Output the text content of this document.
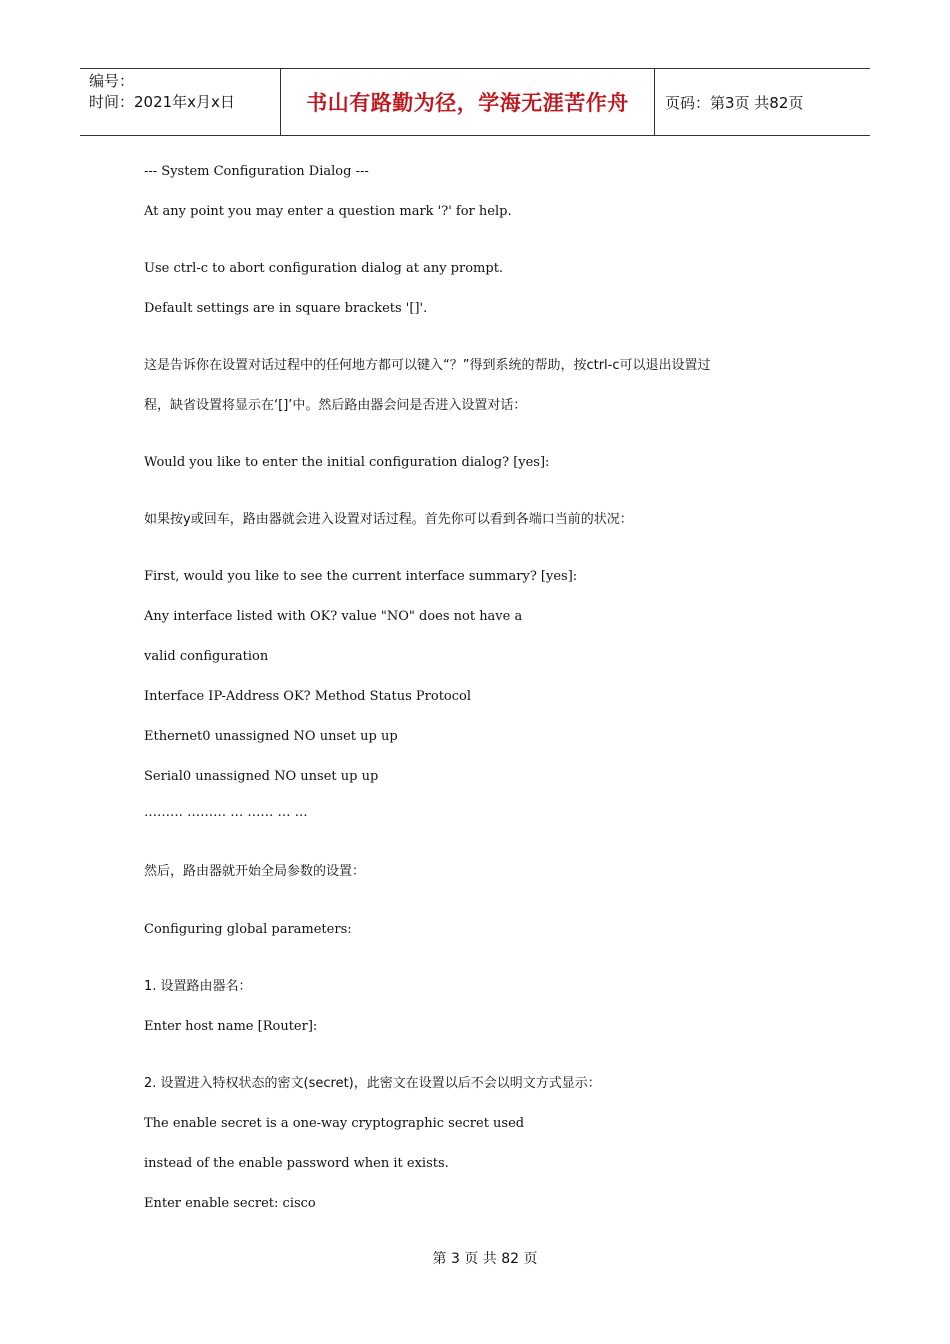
编号：
时间：2021年x月x日	书山有路勤为径，学海无涯苦作舟	页码：第3页 共82页
--- System Configuration Dialog ---
At any point you may enter a question mark '?' for help.
Use ctrl-c to abort configuration dialog at any prompt.
Default settings are in square brackets '[]'.
这是告诉你在设置对话过程中的任何地方都可以键入“？”得到系统的帮助，按ctrl-c可以退出设置过
程，缺省设置将显示在‘[]’中。然后路由器会问是否进入设置对话：
Would you like to enter the initial configuration dialog? [yes]:
如果按y或回车，路由器就会进入设置对话过程。首先你可以看到各端口当前的状况：
First, would you like to see the current interface summary? [yes]:
Any interface listed with OK? value "NO" does not have a
valid configuration
Interface IP-Address OK? Method Status Protocol
Ethernet0 unassigned NO unset up up
Serial0 unassigned NO unset up up
……… ……… … …… … …
然后，路由器就开始全局参数的设置：
Configuring global parameters:
1. 设置路由器名：
Enter host name [Router]:
2. 设置进入特权状态的密文(secret)，此密文在设置以后不会以明文方式显示：
The enable secret is a one-way cryptographic secret used
instead of the enable password when it exists.
Enter enable secret: cisco
第 3 页 共 82 页
